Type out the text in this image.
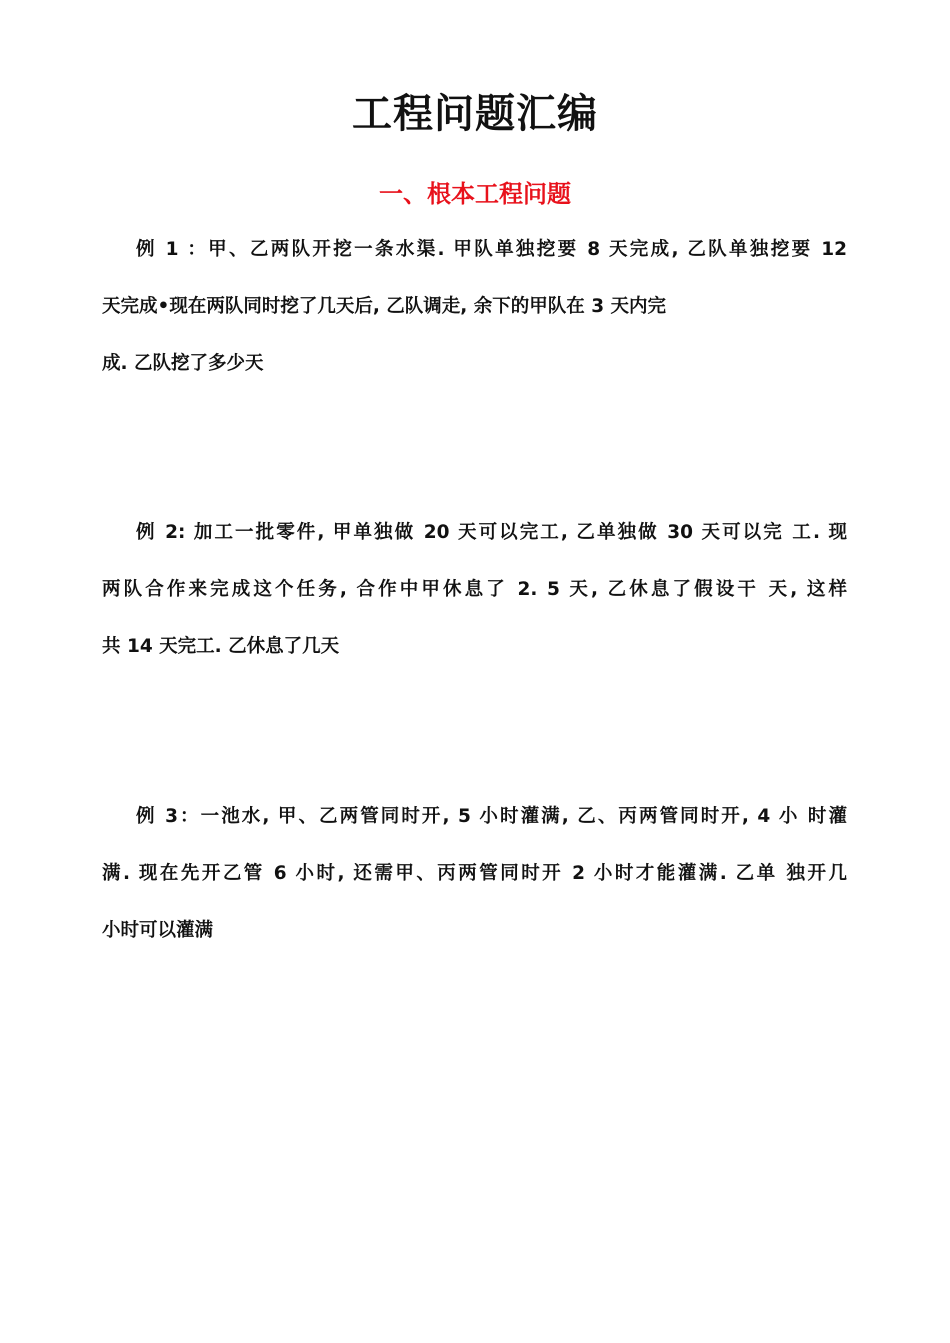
工程问题汇编
一、根本工程问题
例 1 ：甲、乙两队开挖一条水渠. 甲队单独挖要 8 天完成, 乙队单独挖要 12
天完成•现在两队同时挖了几天后, 乙队调走, 余下的甲队在 3 天内完
成. 乙队挖了多少天
例 2: 加工一批零件, 甲单独做 20 天可以完工, 乙单独做 30 天可以完 工. 现
两队合作来完成这个任务, 合作中甲休息了 2. 5 天, 乙休息了假设干 天, 这样
共 14 天完工. 乙休息了几天
例 3：一池水, 甲、乙两管同时开, 5 小时灌满, 乙、丙两管同时开, 4 小 时灌
满. 现在先开乙管 6 小时, 还需甲、丙两管同时开 2 小时才能灌满. 乙单 独开几
小时可以灌满
